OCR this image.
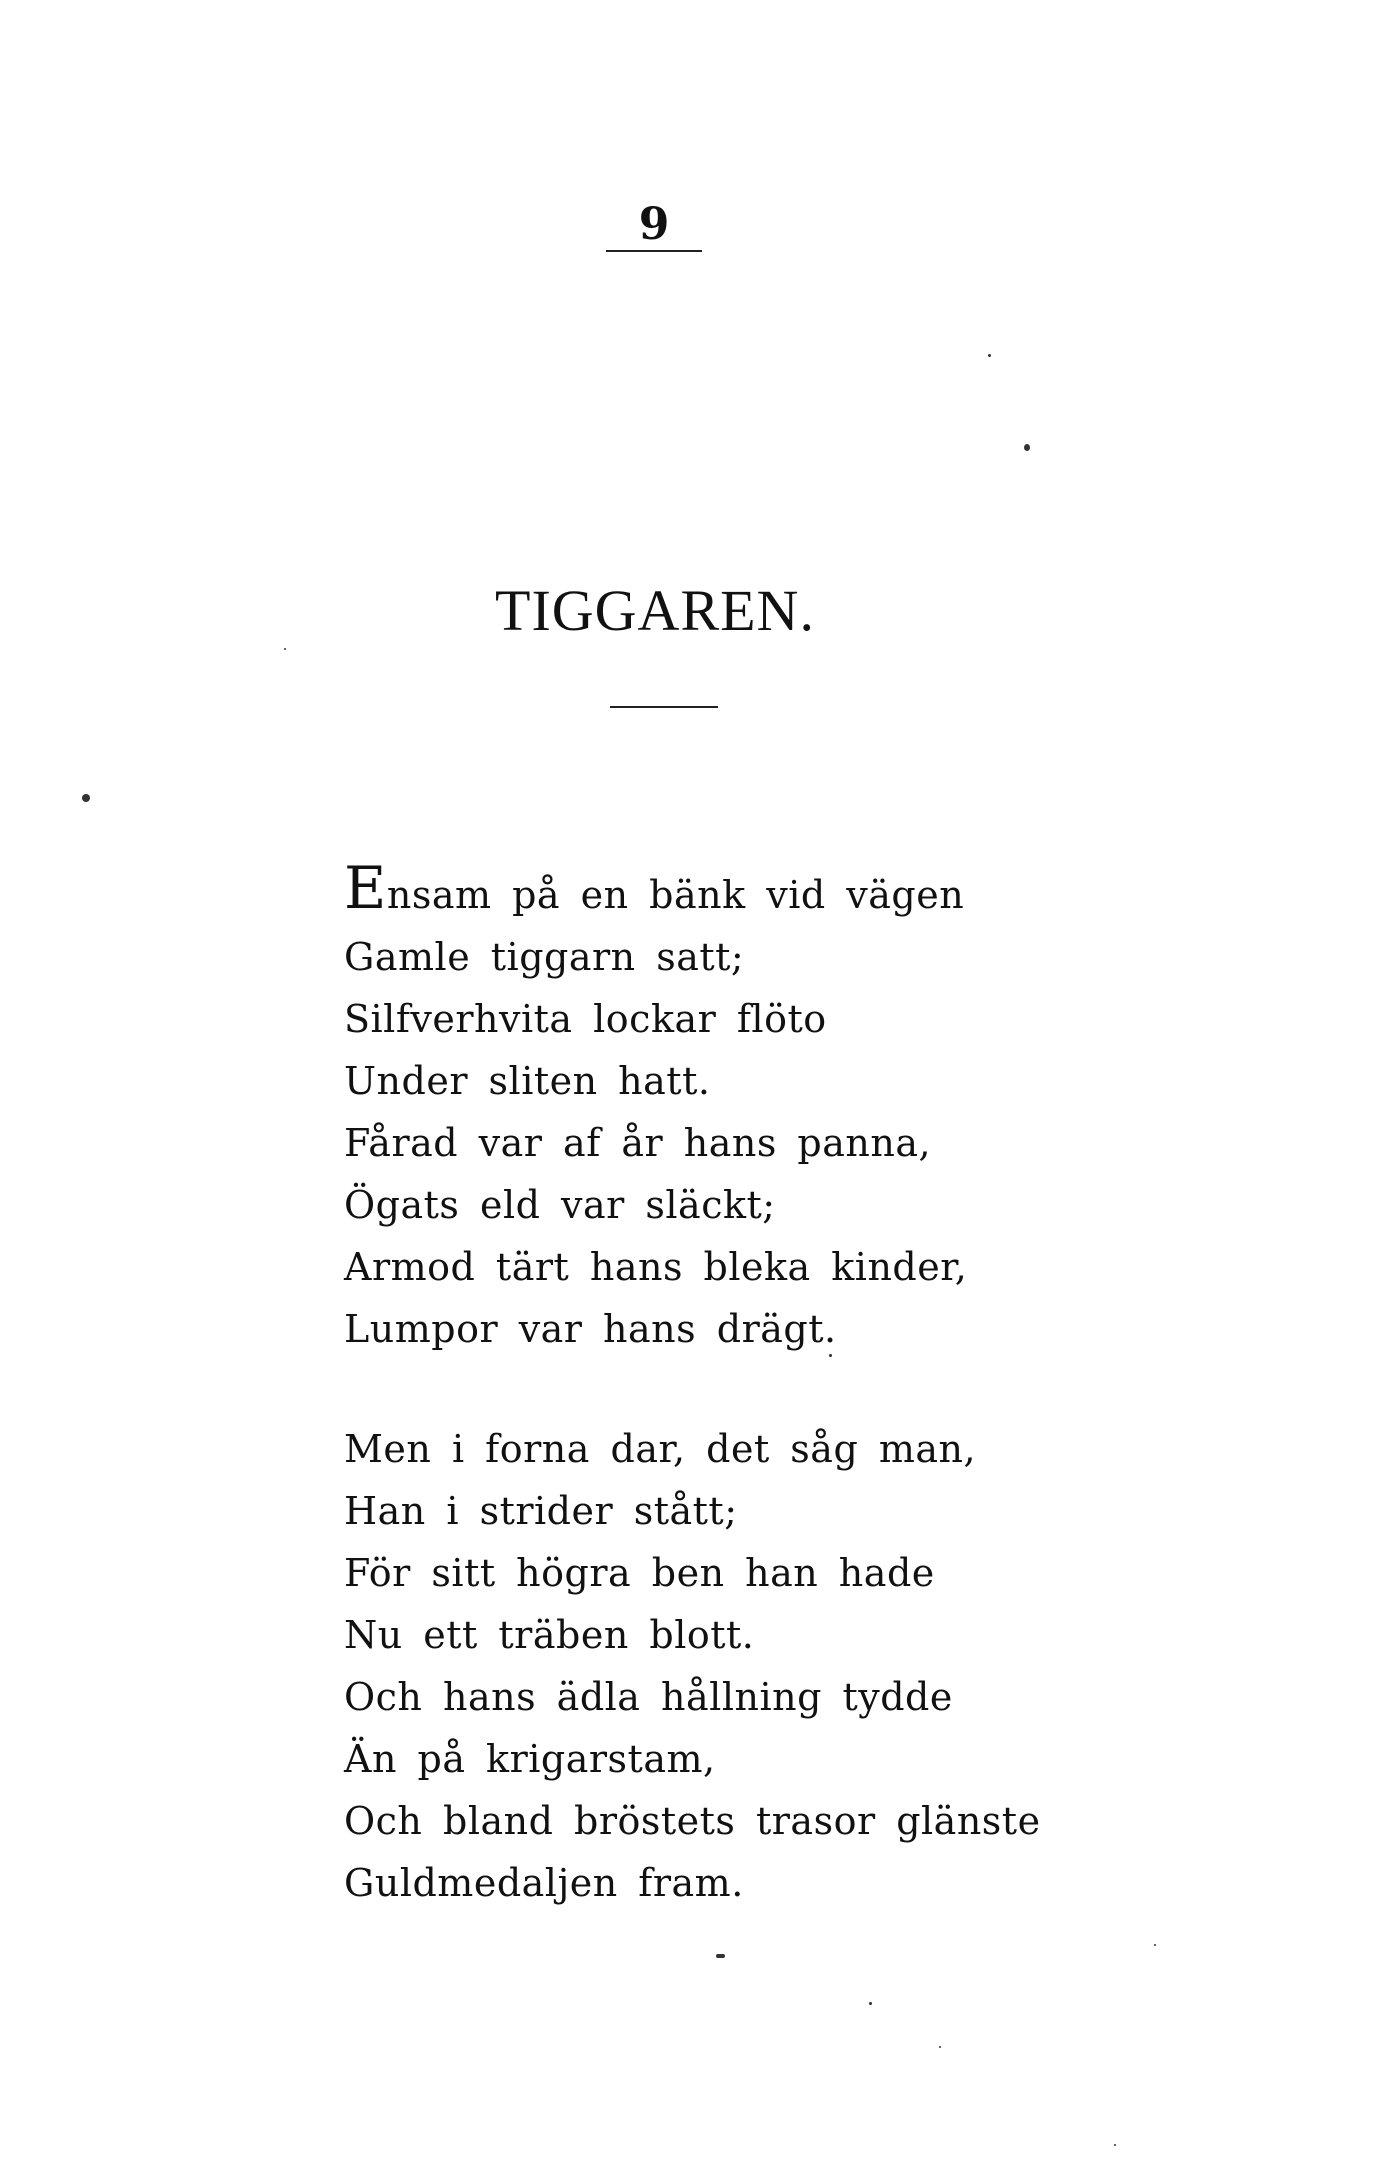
9
TIGGAREN.
Ensam på en bänk vid vägen
Gamle tiggarn satt;
Silfverhvita lockar flöto
Under sliten hatt.
Fårad var af år hans panna,
Ögats eld var släckt;
Armod tärt hans bleka kinder,
Lumpor var hans drägt.
Men i forna dar, det såg man,
Han i strider stått;
För sitt högra ben han hade
Nu ett träben blott.
Och hans ädla hållning tydde
Än på krigarstam,
Och bland bröstets trasor glänste
Guldmedaljen fram.
